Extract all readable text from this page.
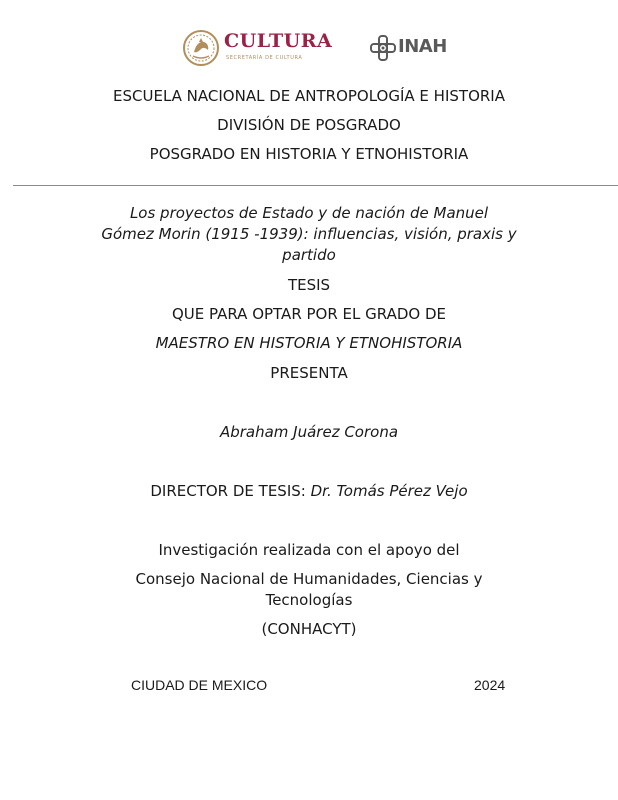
CULTURA
SECRETARÍA DE CULTURA
INAH
ESCUELA NACIONAL DE ANTROPOLOGÍA E HISTORIA
DIVISIÓN DE POSGRADO
POSGRADO EN HISTORIA Y ETNOHISTORIA
Los proyectos de Estado y de nación de Manuel
Gómez Morin (1915 -1939): influencias, visión, praxis y
partido
TESIS
QUE PARA OPTAR POR EL GRADO DE
MAESTRO EN HISTORIA Y ETNOHISTORIA
PRESENTA
Abraham Juárez Corona
DIRECTOR DE TESIS: Dr. Tomás Pérez Vejo
Investigación realizada con el apoyo del
Consejo Nacional de Humanidades, Ciencias y
Tecnologías
(CONHACYT)
CIUDAD DE MEXICO	2024
